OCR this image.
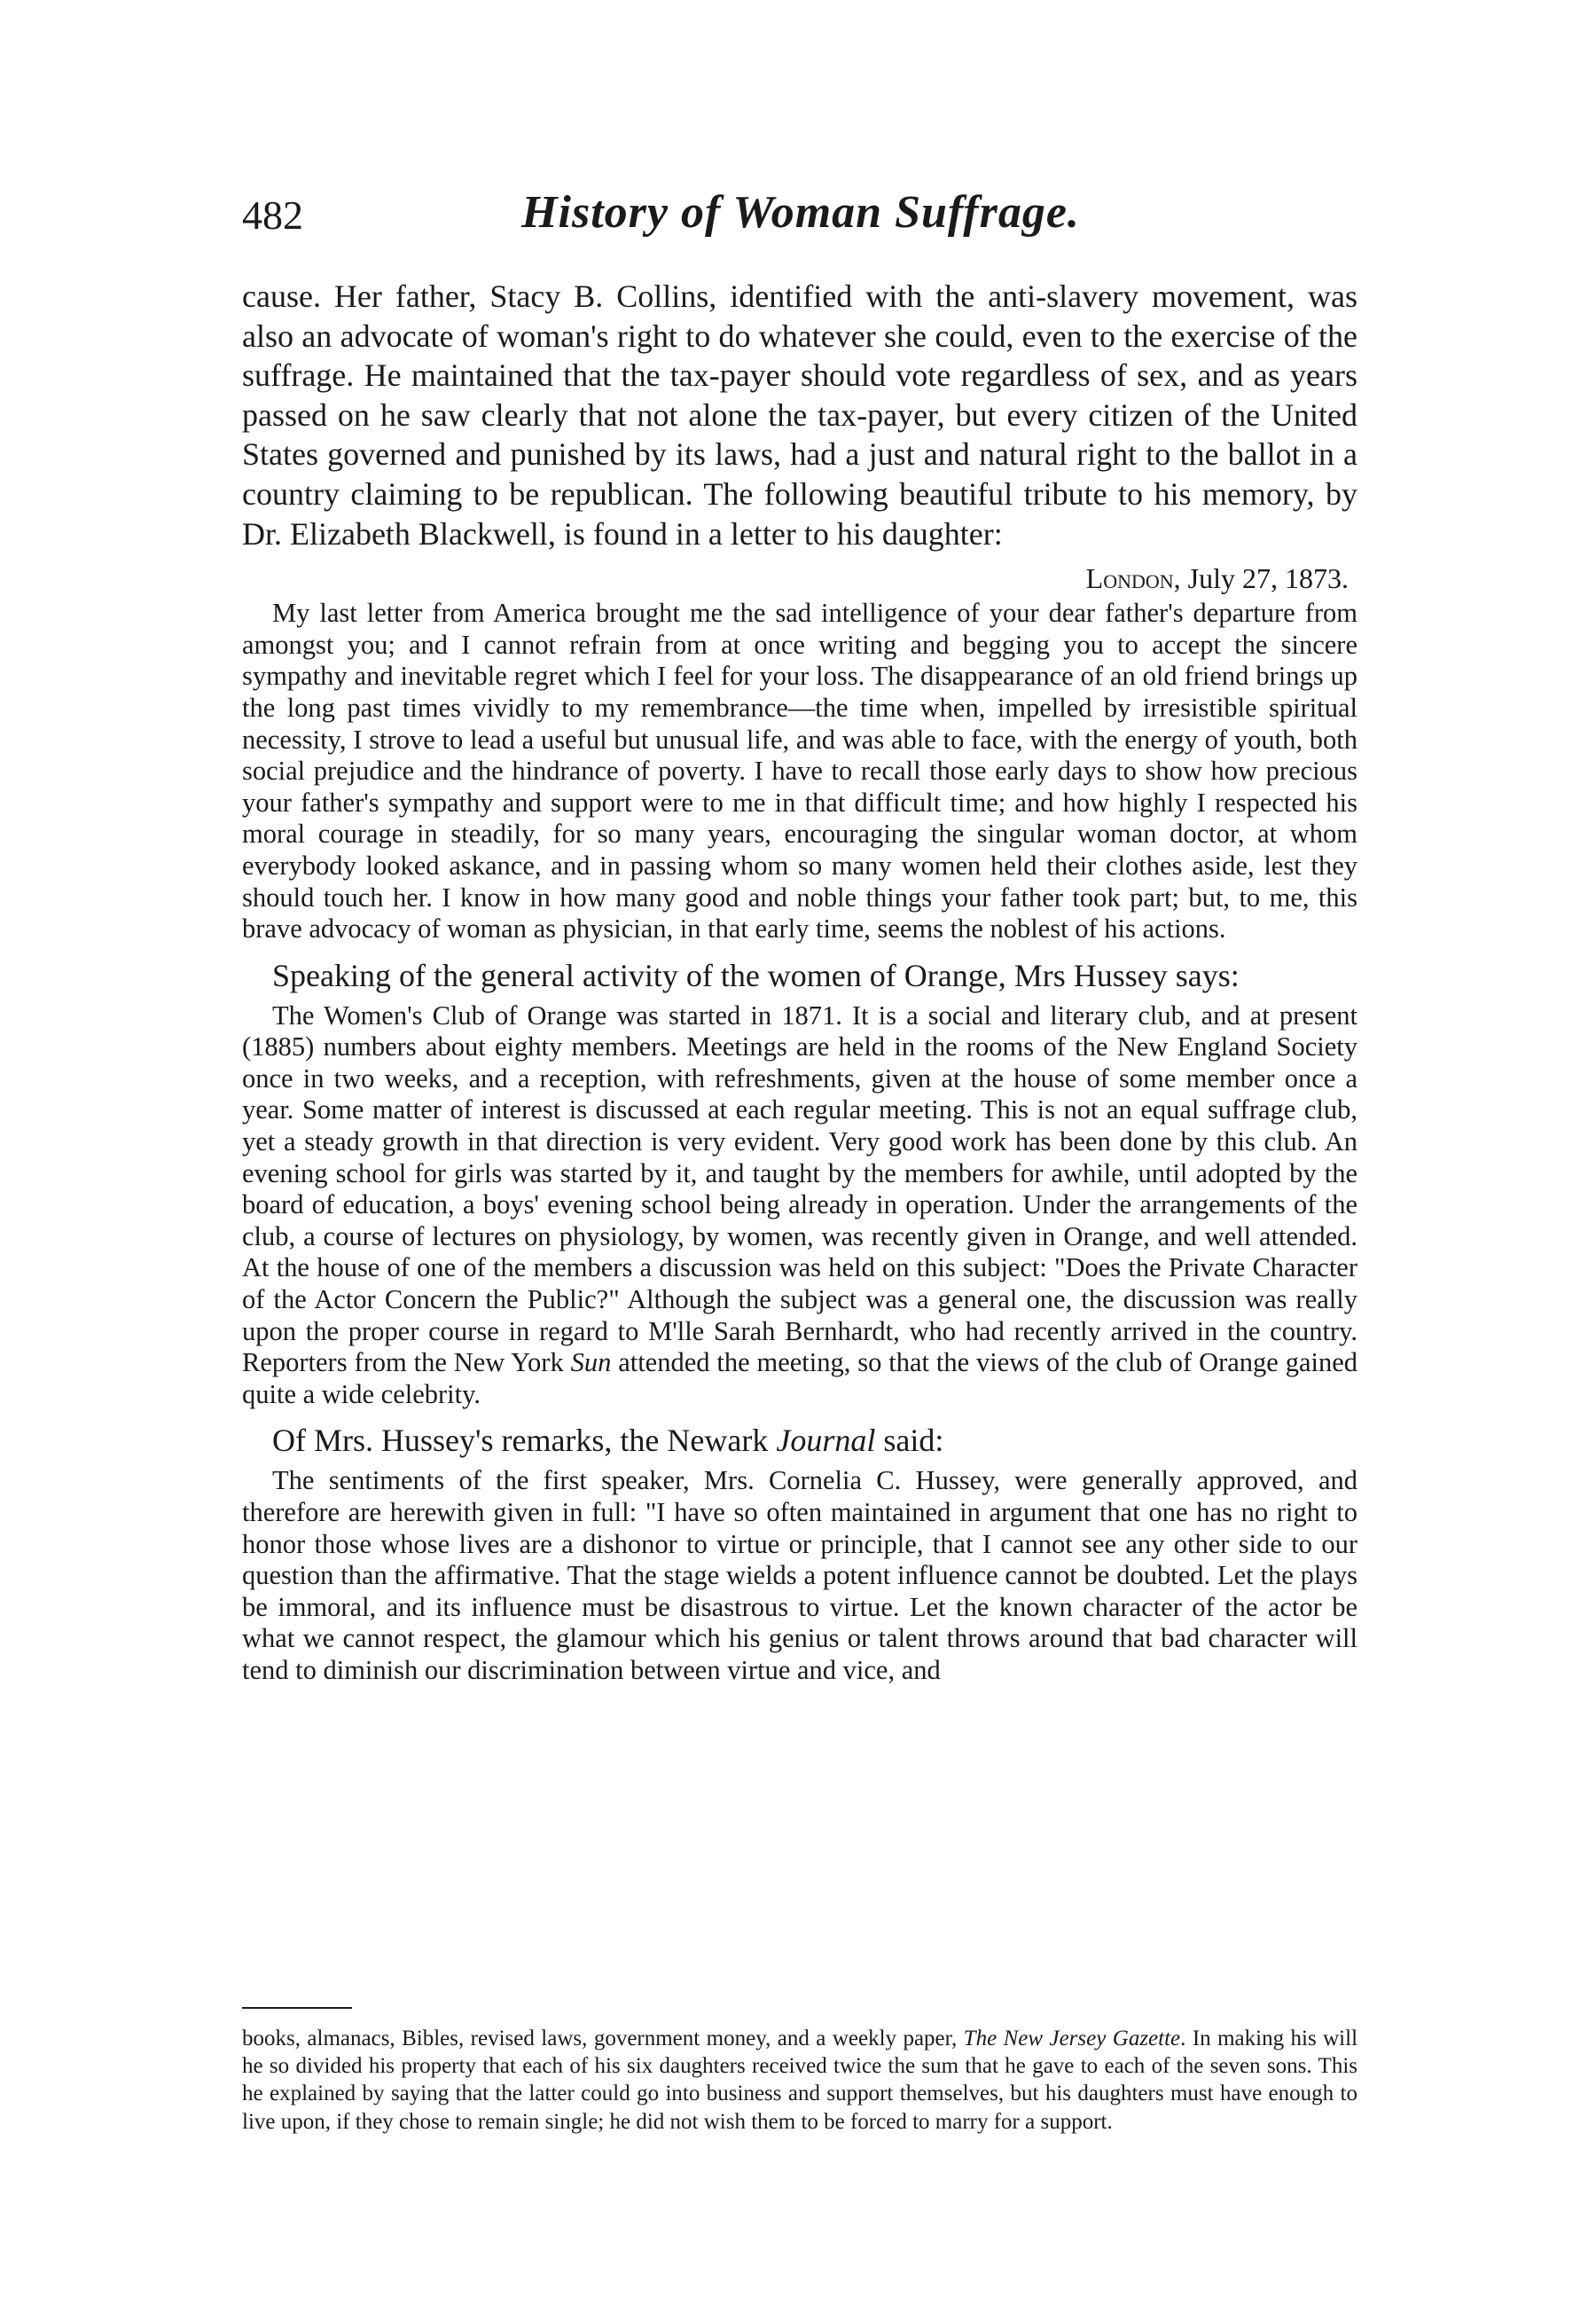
482	History of Woman Suffrage.

cause. Her father, Stacy B. Collins, identified with the anti-slavery movement, was also an advocate of woman's right to do whatever she could, even to the exercise of the suffrage. He maintained that the tax-payer should vote regardless of sex, and as years passed on he saw clearly that not alone the tax-payer, but every citizen of the United States governed and punished by its laws, had a just and natural right to the ballot in a country claiming to be republican. The following beautiful tribute to his memory, by Dr. Elizabeth Blackwell, is found in a letter to his daughter:

London, July 27, 1873.

My last letter from America brought me the sad intelligence of your dear father's departure from amongst you; and I cannot refrain from at once writing and begging you to accept the sincere sympathy and inevitable regret which I feel for your loss. The disappearance of an old friend brings up the long past times vividly to my remembrance—the time when, impelled by irresistible spiritual necessity, I strove to lead a useful but unusual life, and was able to face, with the energy of youth, both social prejudice and the hindrance of poverty. I have to recall those early days to show how precious your father's sympathy and support were to me in that difficult time; and how highly I respected his moral courage in steadily, for so many years, encouraging the singular woman doctor, at whom everybody looked askance, and in passing whom so many women held their clothes aside, lest they should touch her. I know in how many good and noble things your father took part; but, to me, this brave advocacy of woman as physician, in that early time, seems the noblest of his actions.

Speaking of the general activity of the women of Orange, Mrs Hussey says:

The Women's Club of Orange was started in 1871. It is a social and literary club, and at present (1885) numbers about eighty members. Meetings are held in the rooms of the New England Society once in two weeks, and a reception, with refreshments, given at the house of some member once a year. Some matter of interest is discussed at each regular meeting. This is not an equal suffrage club, yet a steady growth in that direction is very evident. Very good work has been done by this club. An evening school for girls was started by it, and taught by the members for awhile, until adopted by the board of education, a boys' evening school being already in operation. Under the arrangements of the club, a course of lectures on physiology, by women, was recently given in Orange, and well attended. At the house of one of the members a discussion was held on this subject: "Does the Private Character of the Actor Concern the Public?" Although the subject was a general one, the discussion was really upon the proper course in regard to M'lle Sarah Bernhardt, who had recently arrived in the country. Reporters from the New York Sun attended the meeting, so that the views of the club of Orange gained quite a wide celebrity.

Of Mrs. Hussey's remarks, the Newark Journal said:

The sentiments of the first speaker, Mrs. Cornelia C. Hussey, were generally approved, and therefore are herewith given in full: "I have so often maintained in argument that one has no right to honor those whose lives are a dishonor to virtue or principle, that I cannot see any other side to our question than the affirmative. That the stage wields a potent influence cannot be doubted. Let the plays be immoral, and its influence must be disastrous to virtue. Let the known character of the actor be what we cannot respect, the glamour which his genius or talent throws around that bad character will tend to diminish our discrimination between virtue and vice, and

books, almanacs, Bibles, revised laws, government money, and a weekly paper, The New Jersey Gazette. In making his will he so divided his property that each of his six daughters received twice the sum that he gave to each of the seven sons. This he explained by saying that the latter could go into business and support themselves, but his daughters must have enough to live upon, if they chose to remain single; he did not wish them to be forced to marry for a support.
